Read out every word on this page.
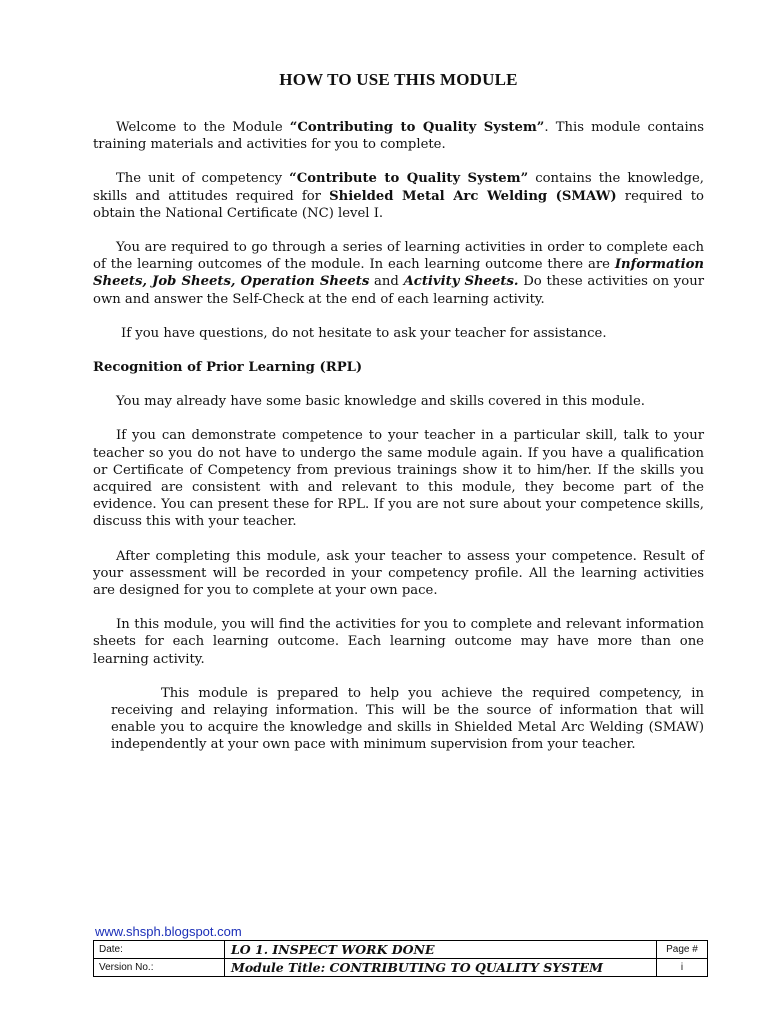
HOW TO USE THIS MODULE

Welcome to the Module “Contributing to Quality System”. This module contains training materials and activities for you to complete.

The unit of competency “Contribute to Quality System” contains the knowledge, skills and attitudes required for Shielded Metal Arc Welding (SMAW) required to obtain the National Certificate (NC) level I.

You are required to go through a series of learning activities in order to complete each of the learning outcomes of the module. In each learning outcome there are Information Sheets, Job Sheets, Operation Sheets and Activity Sheets. Do these activities on your own and answer the Self-Check at the end of each learning activity.

If you have questions, do not hesitate to ask your teacher for assistance.

Recognition of Prior Learning (RPL)

You may already have some basic knowledge and skills covered in this module.

If you can demonstrate competence to your teacher in a particular skill, talk to your teacher so you do not have to undergo the same module again. If you have a qualification or Certificate of Competency from previous trainings show it to him/her. If the skills you acquired are consistent with and relevant to this module, they become part of the evidence. You can present these for RPL. If you are not sure about your competence skills, discuss this with your teacher.

After completing this module, ask your teacher to assess your competence. Result of your assessment will be recorded in your competency profile. All the learning activities are designed for you to complete at your own pace.

In this module, you will find the activities for you to complete and relevant information sheets for each learning outcome. Each learning outcome may have more than one learning activity.

This module is prepared to help you achieve the required competency, in receiving and relaying information. This will be the source of information that will enable you to acquire the knowledge and skills in Shielded Metal Arc Welding (SMAW) independently at your own pace with minimum supervision from your teacher.

www.shsph.blogspot.com
Date:	LO 1. INSPECT WORK DONE	Page #
Version No.:	Module Title: CONTRIBUTING TO QUALITY SYSTEM	i
